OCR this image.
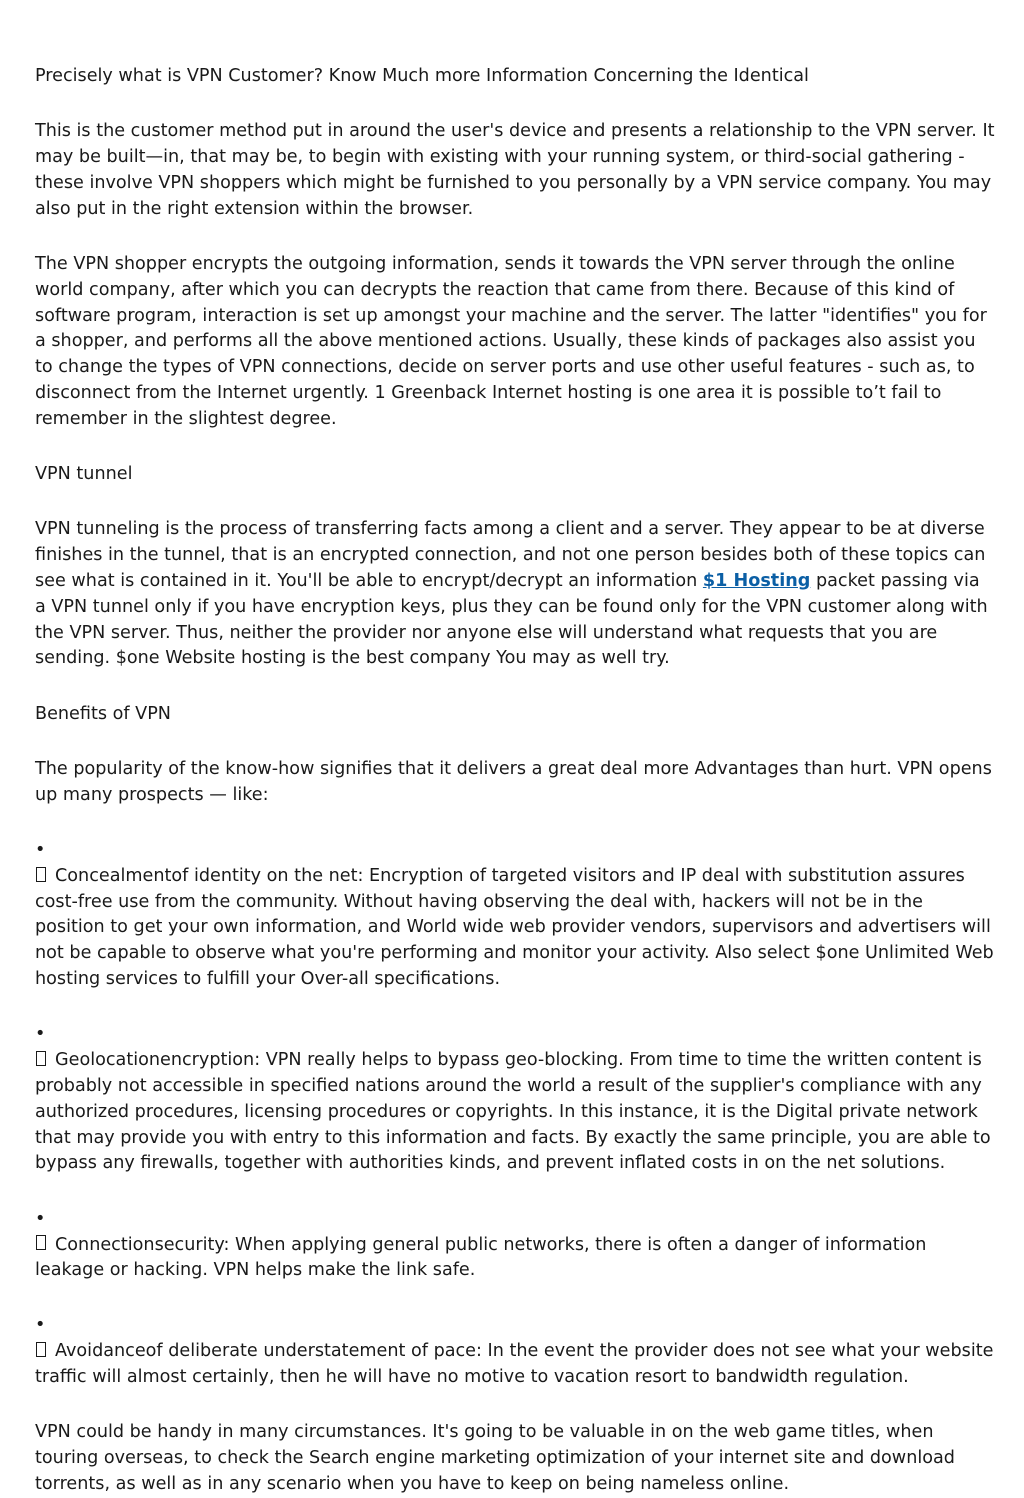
Precisely what is VPN Customer? Know Much more Information Concerning the Identical

This is the customer method put in around the user's device and presents a relationship to the VPN server. It may be built—in, that may be, to begin with existing with your running system, or third-social gathering - these involve VPN shoppers which might be furnished to you personally by a VPN service company. You may also put in the right extension within the browser.

The VPN shopper encrypts the outgoing information, sends it towards the VPN server through the online world company, after which you can decrypts the reaction that came from there. Because of this kind of software program, interaction is set up amongst your machine and the server. The latter "identifies" you for a shopper, and performs all the above mentioned actions. Usually, these kinds of packages also assist you to change the types of VPN connections, decide on server ports and use other useful features - such as, to disconnect from the Internet urgently. 1 Greenback Internet hosting is one area it is possible to’t fail to remember in the slightest degree.

VPN tunnel

VPN tunneling is the process of transferring facts among a client and a server. They appear to be at diverse finishes in the tunnel, that is an encrypted connection, and not one person besides both of these topics can see what is contained in it. You'll be able to encrypt/decrypt an information $1 Hosting packet passing via a VPN tunnel only if you have encryption keys, plus they can be found only for the VPN customer along with the VPN server. Thus, neither the provider nor anyone else will understand what requests that you are sending. $one Website hosting is the best company You may as well try.

Benefits of VPN

The popularity of the know-how signifies that it delivers a great deal more Advantages than hurt. VPN opens up many prospects — like:

•Concealmentof identity on the net: Encryption of targeted visitors and IP deal with substitution assures cost-free use from the community. Without having observing the deal with, hackers will not be in the position to get your own information, and World wide web provider vendors, supervisors and advertisers will not be capable to observe what you're performing and monitor your activity. Also select $one Unlimited Web hosting services to fulfill your Over-all specifications.

•Geolocationencryption: VPN really helps to bypass geo-blocking. From time to time the written content is probably not accessible in specified nations around the world a result of the supplier's compliance with any authorized procedures, licensing procedures or copyrights. In this instance, it is the Digital private network that may provide you with entry to this information and facts. By exactly the same principle, you are able to bypass any firewalls, together with authorities kinds, and prevent inflated costs in on the net solutions.

•Connectionsecurity: When applying general public networks, there is often a danger of information leakage or hacking. VPN helps make the link safe.

•Avoidanceof deliberate understatement of pace: In the event the provider does not see what your website traffic will almost certainly, then he will have no motive to vacation resort to bandwidth regulation.

VPN could be handy in many circumstances. It's going to be valuable in on the web game titles, when touring overseas, to check the Search engine marketing optimization of your internet site and download torrents, as well as in any scenario when you have to keep on being nameless online.
